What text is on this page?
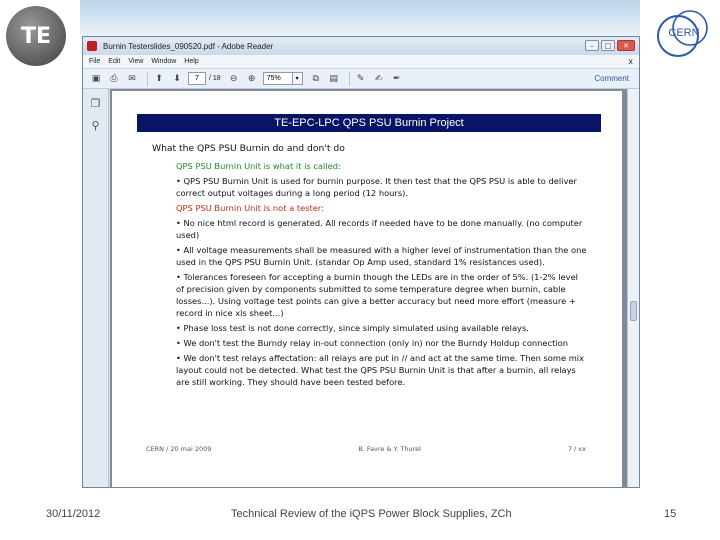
TE	CERN
Burnin Testerslides_090520.pdf - Adobe Reader	–	□	✕
File Edit View Window Help	x
▣	⎙	✉	⬆	⬇	7	/ 18	⊖	⊕	75%	▾	⧉	▤	✎	✍	✒	Comment
❐
⚲	TE-EPC-LPC QPS PSU Burnin Project
What the QPS PSU Burnin do and don't do

QPS PSU Burnin Unit is what it is called:

• QPS PSU Burnin Unit is used for burnin purpose. It then test that the QPS PSU is able to deliver correct output voltages during a long period (12 hours).

QPS PSU Burnin Unit is not a tester:

• No nice html record is generated. All records if needed have to be done manually. (no computer used)

• All voltage measurements shall be measured with a higher level of instrumentation than the one used in the QPS PSU Burnin Unit. (standar Op Amp used, standard 1% resistances used).

• Tolerances foreseen for accepting a burnin though the LEDs are in the order of 5%. (1-2% level of precision given by components submitted to some temperature degree when burnin, cable losses...). Using voltage test points can give a better accuracy but need more effort (measure + record in nice xls sheet...)

• Phase loss test is not done correctly, since simply simulated using available relays.

• We don't test the Burndy relay in-out connection (only in) nor the Burndy Holdup connection

• We don't test relays affectation: all relays are put in // and act at the same time. Then some mix layout could not be detected. What test the QPS PSU Burnin Unit is that after a burnin, all relays are still working. They should have been tested before.

CERN / 20 mai 2009	B. Favre & Y. Thurel	7 / xx
30/11/2012	Technical Review of the iQPS Power Block Supplies, ZCh	15
